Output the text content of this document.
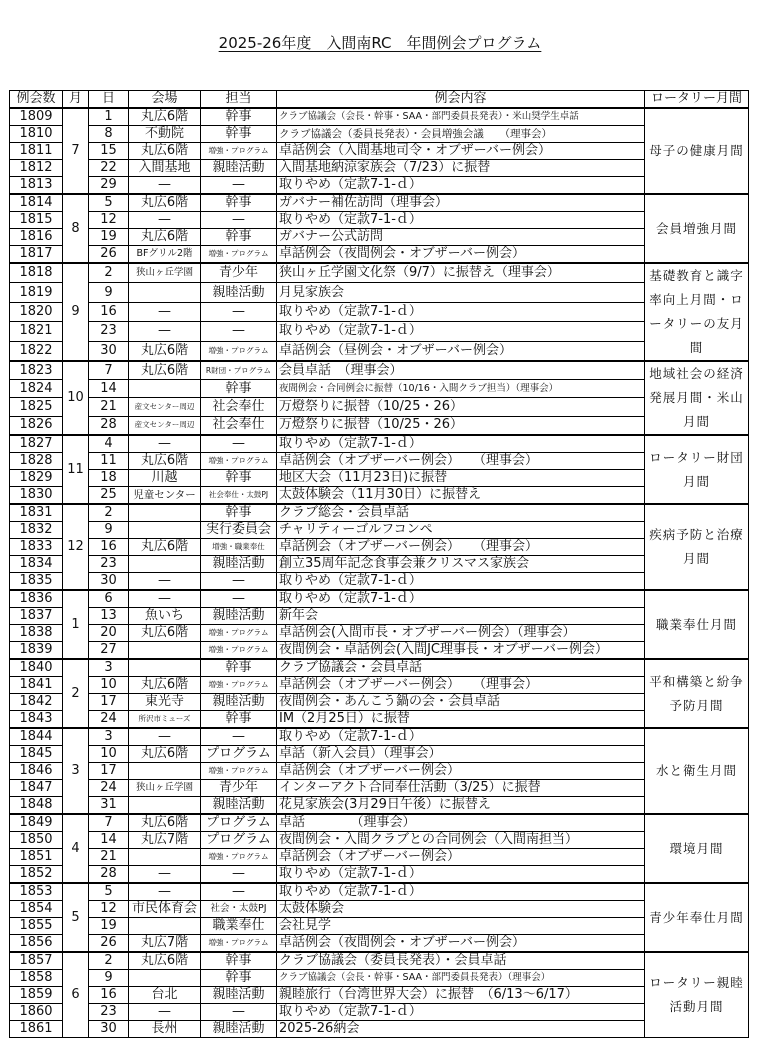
2025-26年度　入間南RC　年間例会プログラム
例会数	月	日	会場	担当	例会内容	ロータリー月間
1809	7	1	丸広6階	幹事	クラブ協議会（会長・幹事・SAA・部門委員長発表）・米山奨学生卓話	母子の健康月間
1810		8	不動院	幹事	クラブ協議会（委員長発表）・会員増強会議　　（理事会）	
1811		15	丸広6階	増強・プログラム	卓話例会（入間基地司令・オブザーバー例会）	
1812		22	入間基地	親睦活動	入間基地納涼家族会（7/23）に振替	
1813		29	—	—	取りやめ（定款7-1-ｄ）	
1814	8	5	丸広6階	幹事	ガバナー補佐訪問（理事会）	会員増強月間
1815		12	—	—	取りやめ（定款7-1-ｄ）	
1816		19	丸広6階	幹事	ガバナー公式訪問	
1817		26	BFグリル2階	増強・プログラム	卓話例会（夜間例会・オブザーバー例会）	
1818	9	2	狭山ヶ丘学園	青少年	狭山ヶ丘学園文化祭（9/7）に振替え（理事会）	基礎教育と識字率向上月間・ロータリーの友月間
1819		9		親睦活動	月見家族会	
1820		16	—	—	取りやめ（定款7-1-ｄ）	
1821		23	—	—	取りやめ（定款7-1-ｄ）	
1822		30	丸広6階	増強・プログラム	卓話例会（昼例会・オブザーバー例会）	
1823	10	7	丸広6階	R財団・プログラム	会員卓話　（理事会）	地域社会の経済発展月間・米山月間
1824		14		幹事	夜間例会・合同例会に振替（10/16・入間クラブ担当）（理事会）	
1825		21	産文センター周辺	社会奉仕	万燈祭りに振替（10/25・26）	
1826		28	産文センター周辺	社会奉仕	万燈祭りに振替（10/25・26）	
1827	11	4	—	—	取りやめ（定款7-1-ｄ）	ロータリー財団月間
1828		11	丸広6階	増強・プログラム	卓話例会（オブザーバー例会）　　（理事会）	
1829		18	川越	幹事	地区大会（11月23日)に振替	
1830		25	児童センター	社会奉仕・太鼓PJ	太鼓体験会（11月30日）に振替え	
1831	12	2		幹事	クラブ総会・会員卓話	疾病予防と治療月間
1832		9		実行委員会	チャリティーゴルフコンペ	
1833		16	丸広6階	増強・職業奉仕	卓話例会（オブザーバー例会）　　（理事会）	
1834		23		親睦活動	創立35周年記念食事会兼クリスマス家族会	
1835		30	—	—	取りやめ（定款7-1-ｄ）	
1836	1	6	—	—	取りやめ（定款7-1-ｄ）	職業奉仕月間
1837		13	魚いち	親睦活動	新年会	
1838		20	丸広6階	増強・プログラム	卓話例会(入間市長・オブザーバー例会）（理事会）	
1839		27		増強・プログラム	夜間例会・卓話例会(入間JC理事長・オブザーバー例会）	
1840	2	3		幹事	クラブ協議会・会員卓話	平和構築と紛争予防月間
1841		10	丸広6階	増強・プログラム	卓話例会（オブザーバー例会）　　（理事会）	
1842		17	東光寺	親睦活動	夜間例会・あんこう鍋の会・会員卓話	
1843		24	所沢市ミューズ	幹事	IM（2月25日）に振替	
1844	3	3	—	—	取りやめ（定款7-1-ｄ）	水と衛生月間
1845		10	丸広6階	プログラム	卓話（新入会員）（理事会）	
1846		17		増強・プログラム	卓話例会（オブザーバー例会）	
1847		24	狭山ヶ丘学園	青少年	インターアクト合同奉仕活動（3/25）に振替	
1848		31		親睦活動	花見家族会(3月29日午後）に振替え	
1849	4	7	丸広6階	プログラム	卓話　　　　（理事会）	環境月間
1850		14	丸広7階	プログラム	夜間例会・入間クラブとの合同例会（入間南担当）	
1851		21		増強・プログラム	卓話例会（オブザーバー例会）	
1852		28	—	—	取りやめ（定款7-1-ｄ）	
1853	5	5	—	—	取りやめ（定款7-1-ｄ）	青少年奉仕月間
1854		12	市民体育会	社会・太鼓PJ	太鼓体験会	
1855		19		職業奉仕	会社見学	
1856		26	丸広7階	増強・プログラム	卓話例会（夜間例会・オブザーバー例会）	
1857	6	2	丸広6階	幹事	クラブ協議会（委員長発表）・会員卓話	ロータリー親睦活動月間
1858		9		幹事	クラブ協議会（会長・幹事・SAA・部門委員長発表）（理事会）	
1859		16	台北	親睦活動	親睦旅行（台湾世界大会）に振替　（6/13～6/17）	
1860		23	—	—	取りやめ（定款7-1-ｄ）	
1861		30	長州	親睦活動	2025-26納会	
